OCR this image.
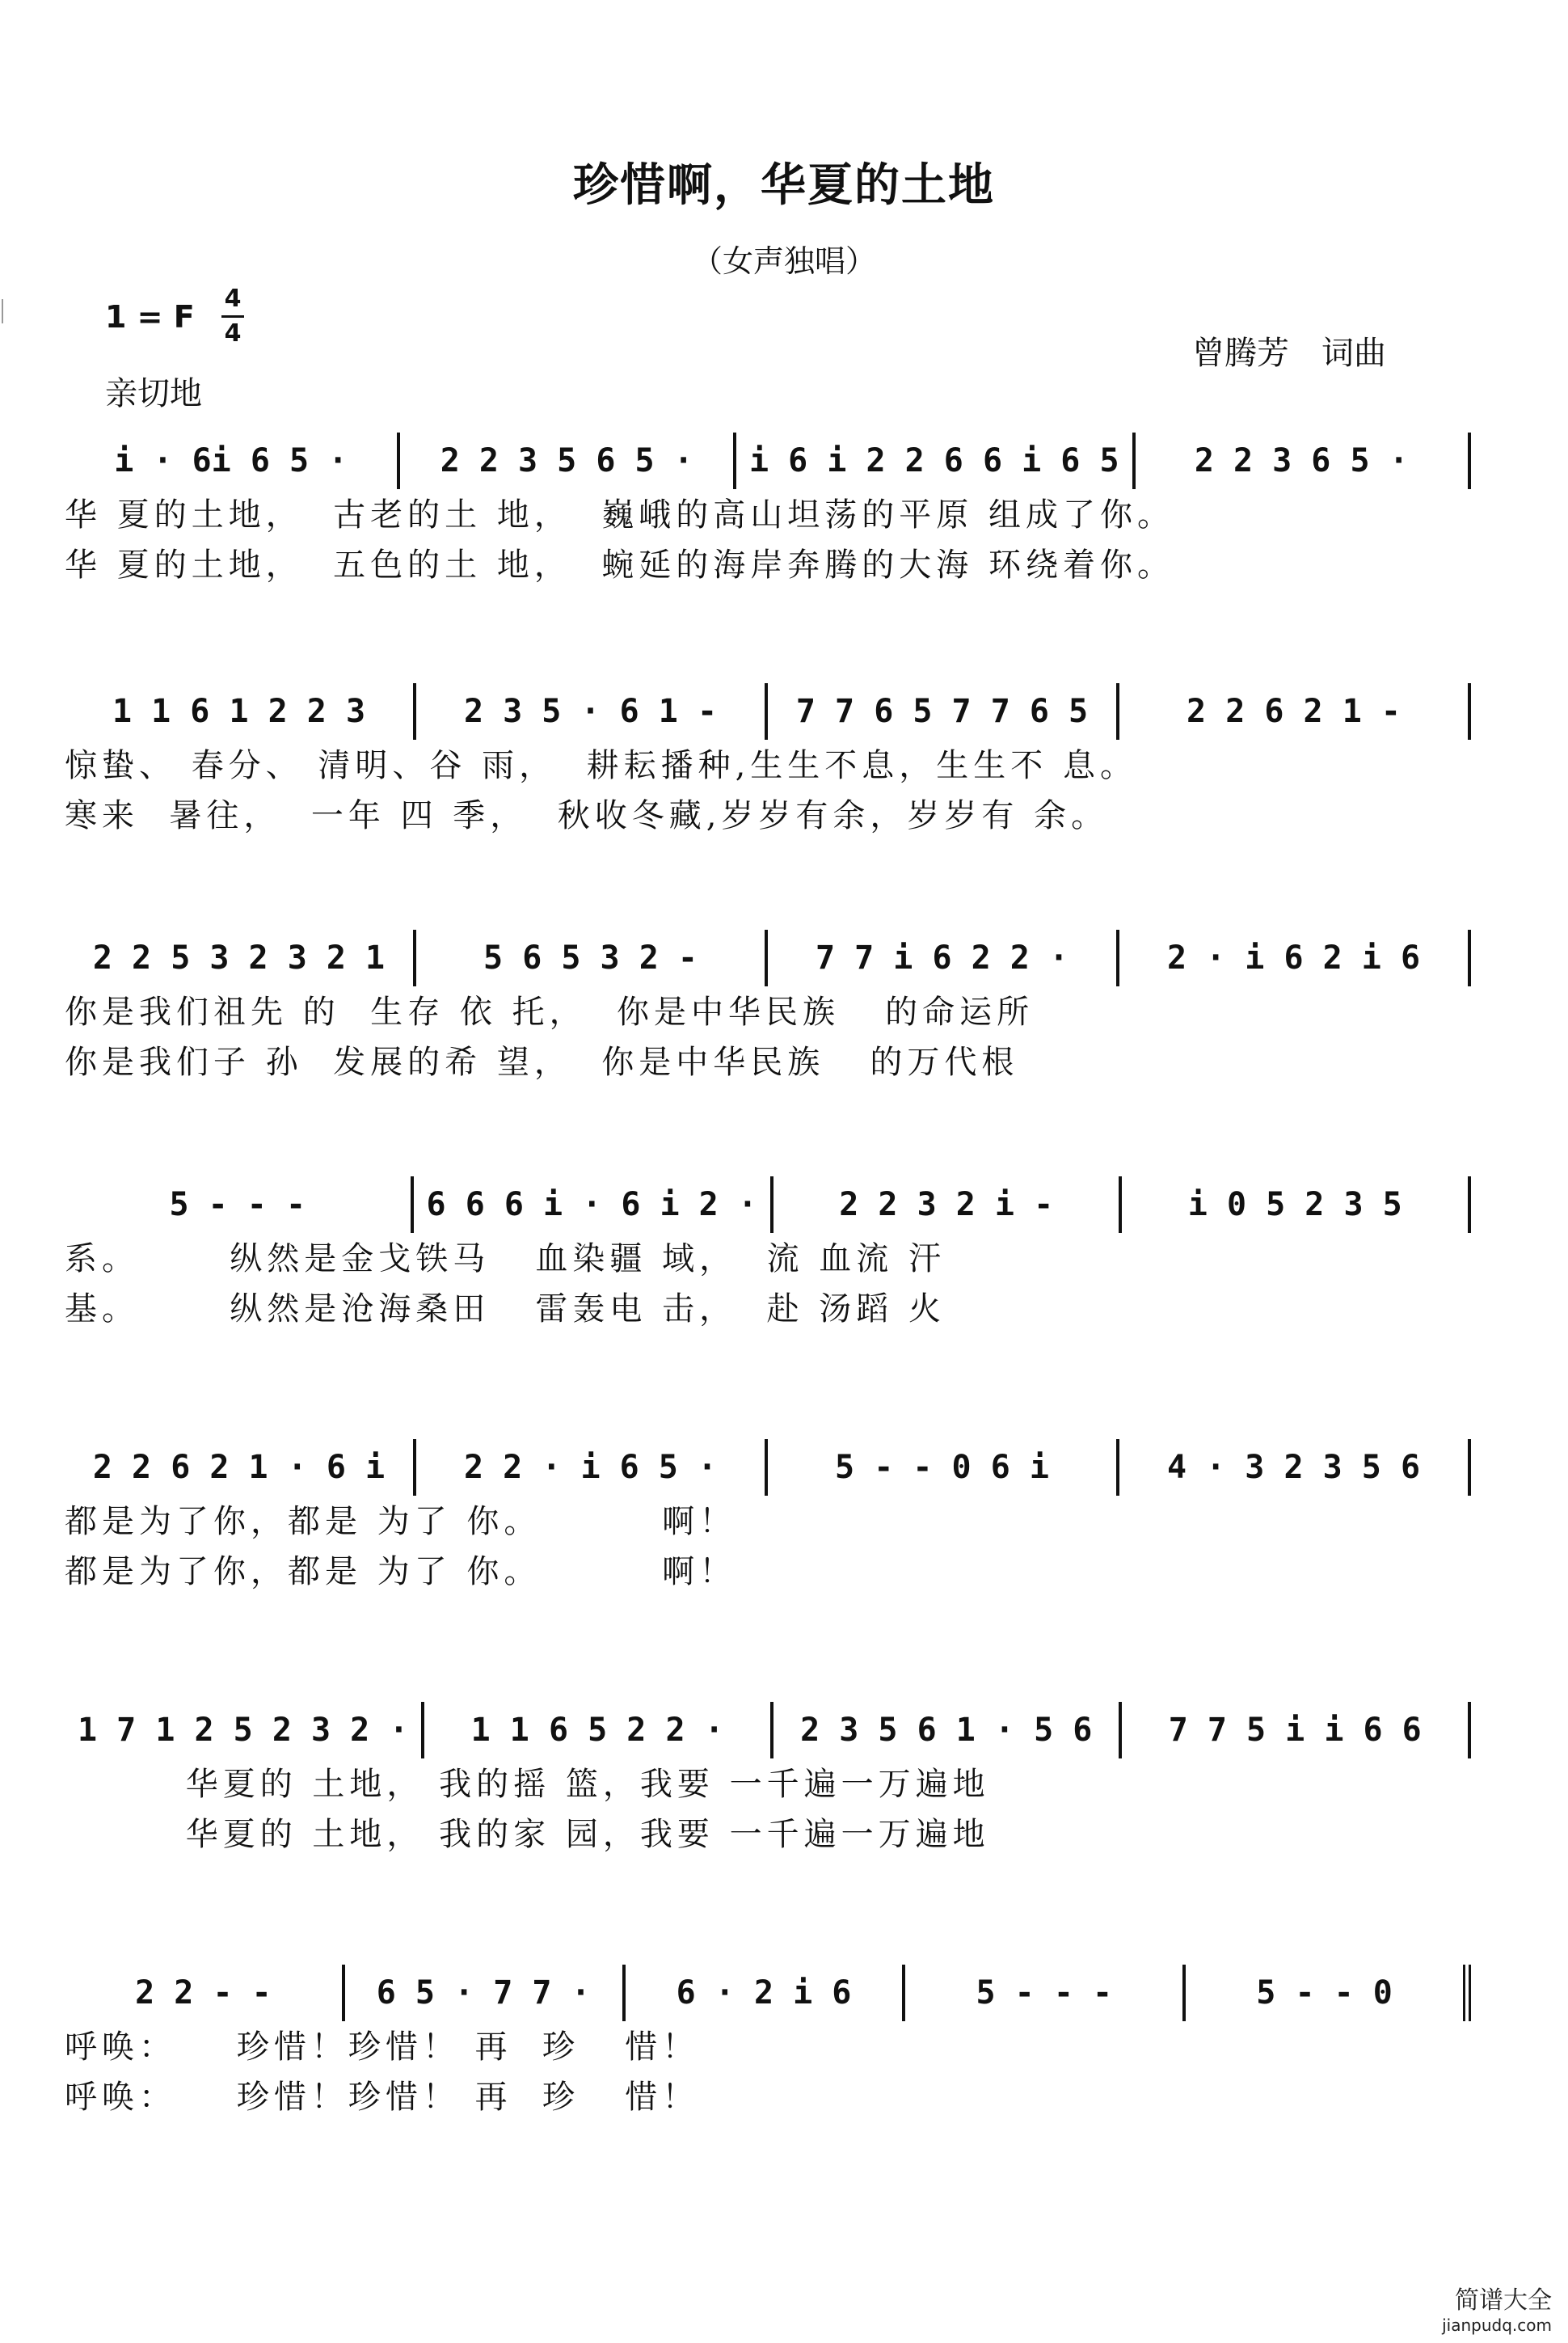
珍惜啊，华夏的土地
（女声独唱）
1 = F
4
4
曾腾芳　词曲
亲切地
i · 6i 6 5 ·	2 2 3 5 6 5 ·	i 6 i 2 2 6 6 i 6 5	2 2 3 6 5 ·
华 夏的土地，  古老的土 地，  巍峨的高山坦荡的平原 组成了你。
华 夏的土地，  五色的土 地，  蜿延的海岸奔腾的大海 环绕着你。
1 1 6 1 2 2 3	2 3 5 · 6 1 -	7 7 6 5 7 7 6 5	2 2 6 2 1 -
惊蛰、 春分、 清明、谷 雨，  耕耘播种,生生不息，生生不 息。
寒来  暑往，  一年 四 季，  秋收冬藏,岁岁有余，岁岁有 余。
2 2 5 3 2 3 2 1	5 6 5 3 2 -	7 7 i 6 2 2 ·	2 · i 6 2 i 6
你是我们祖先 的  生存 依 托，  你是中华民族   的命运所
你是我们子 孙  发展的希 望，  你是中华民族   的万代根
5 - - -	6 6 6 i · 6 i 2 ·	2 2 3 2 i -	i 0 5 2 3 5
系。      纵然是金戈铁马   血染疆 域，  流 血流 汗
基。      纵然是沧海桑田   雷轰电 击，  赴 汤蹈 火
2 2 6 2 1 · 6 i	2 2 · i 6 5 ·	5 - - 0 6 i	4 · 3 2 3 5 6
都是为了你，都是 为了 你。        啊！
都是为了你，都是 为了 你。        啊！
1 7 1 2 5 2 3 2 ·	1 1 6 5 2 2 ·	2 3 5 6 1 · 5 6	7 7 5 i i 6 6
华夏的 土地， 我的摇 篮，我要 一千遍一万遍地
华夏的 土地， 我的家 园，我要 一千遍一万遍地
2 2 - -	6 5 · 7 7 ·	6 · 2 i 6	5 - - -	5 - - 0
呼唤：    珍惜！珍惜！ 再  珍   惜！
呼唤：    珍惜！珍惜！ 再  珍   惜！
简谱大全
jianpudq.com
